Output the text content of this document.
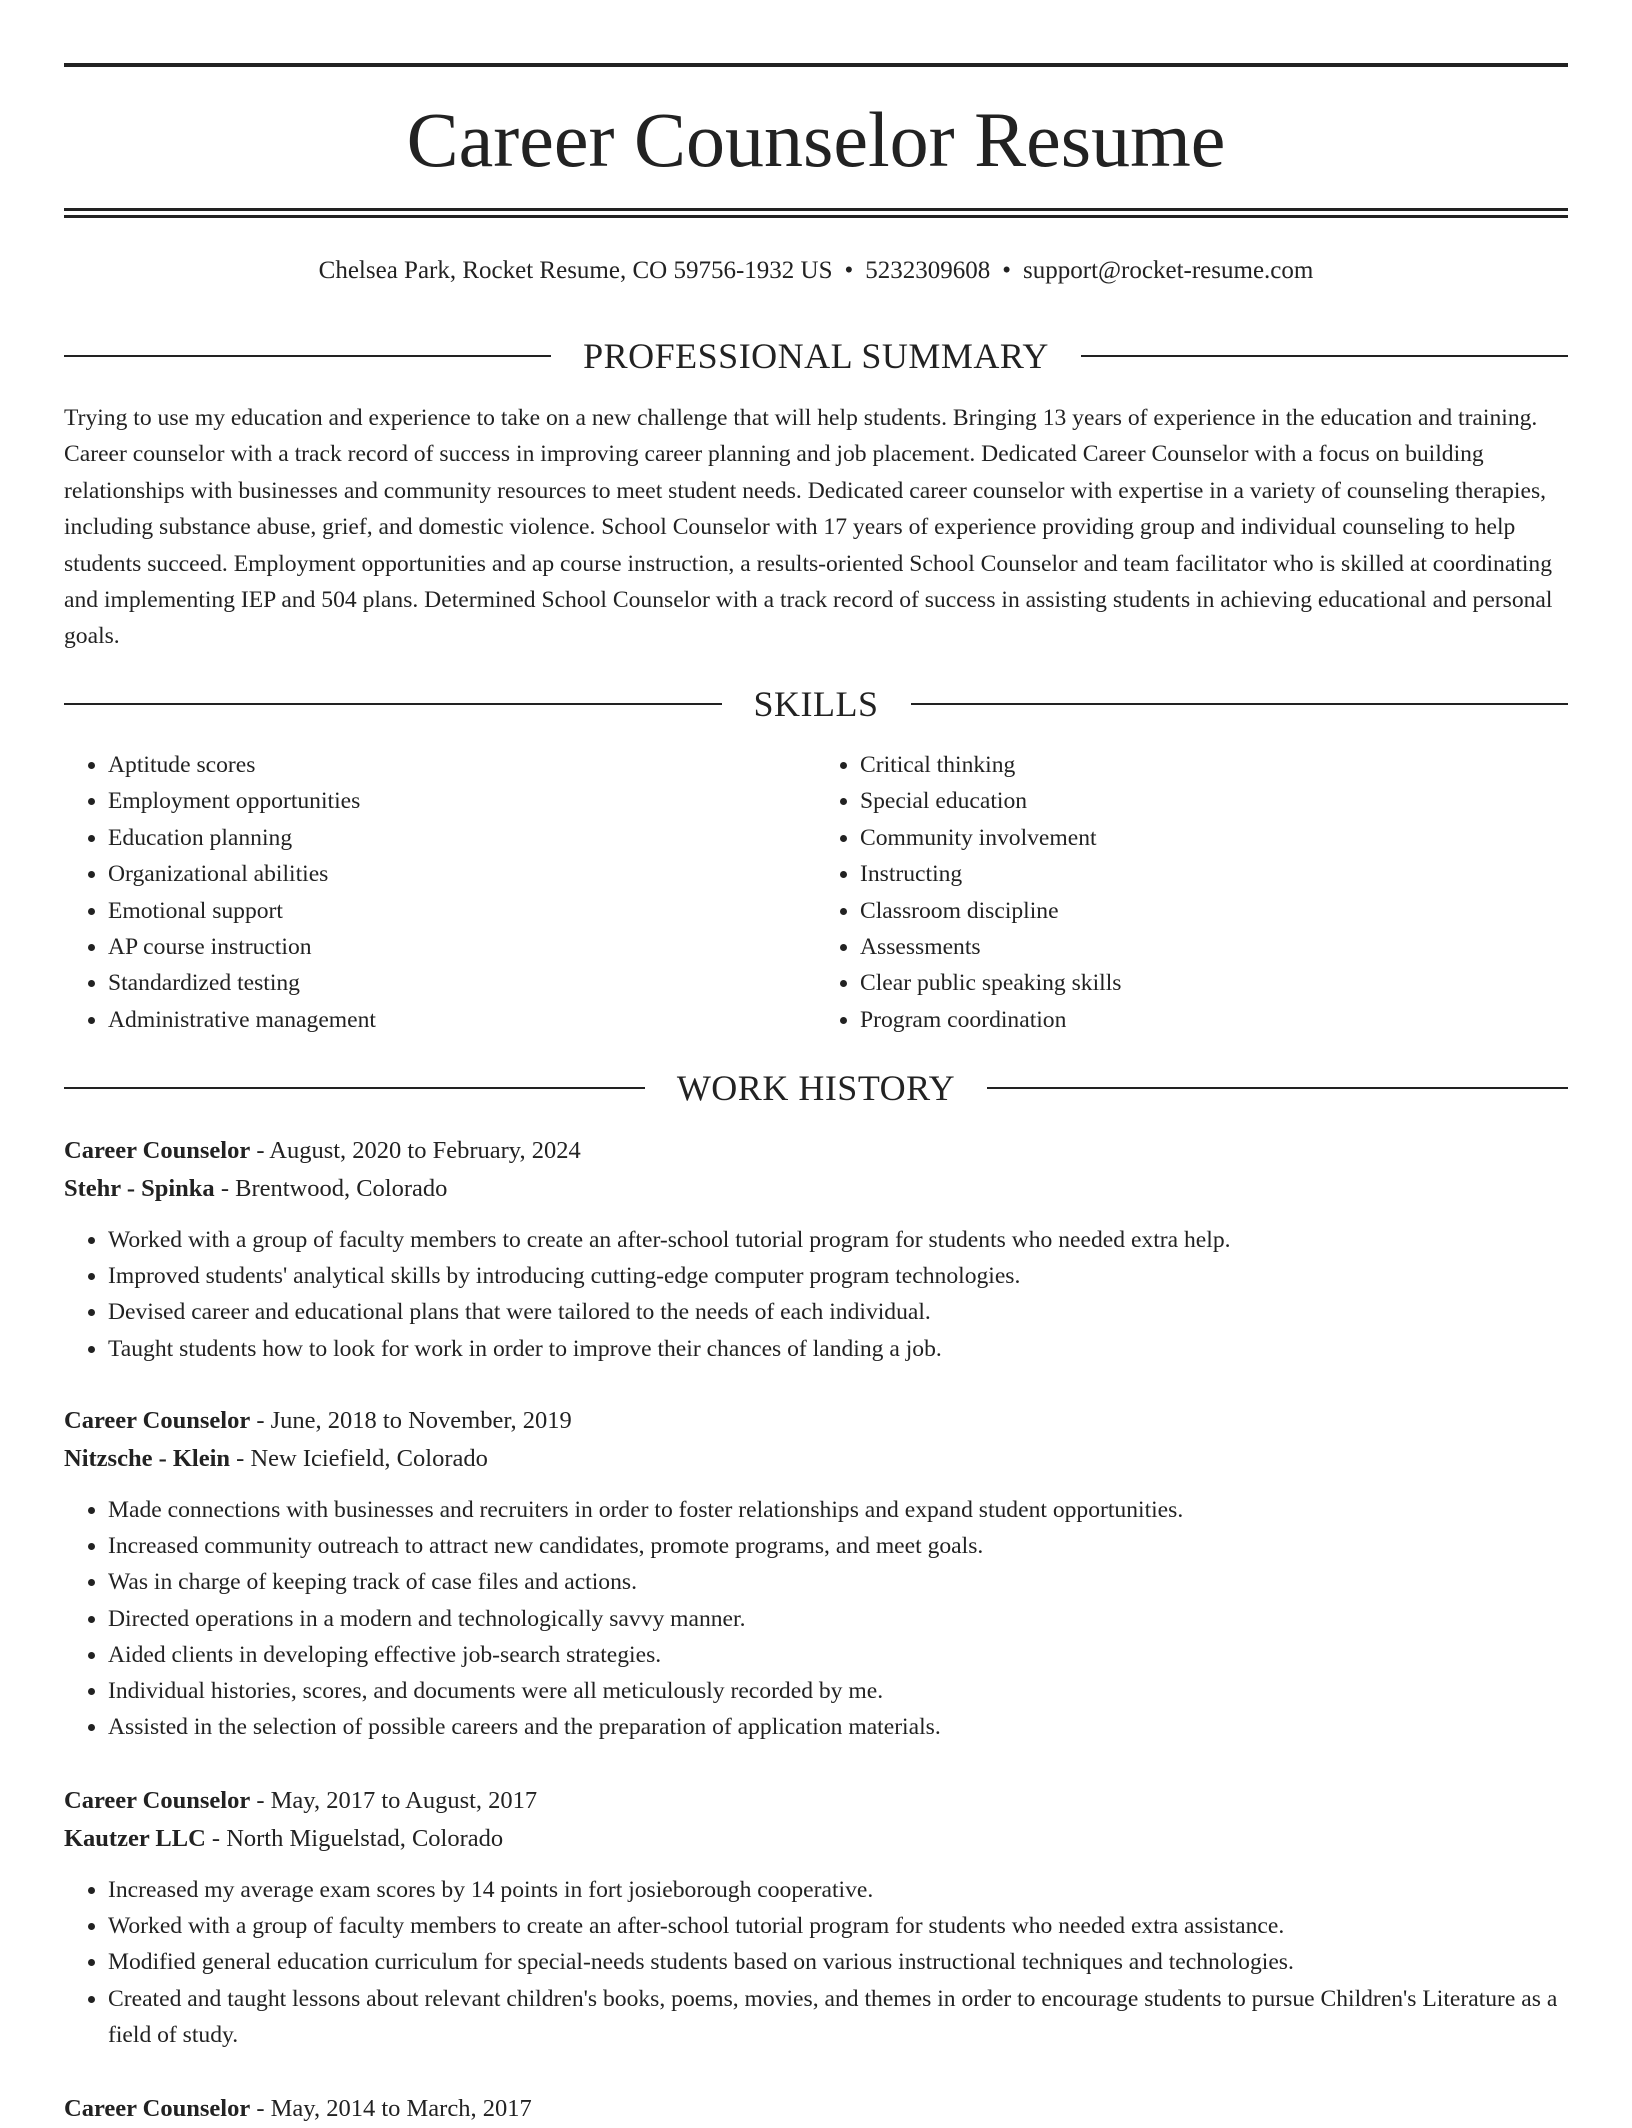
Career Counselor Resume
Chelsea Park, Rocket Resume, CO 59756-1932 US • 5232309608 • support@rocket-resume.com
PROFESSIONAL SUMMARY

Trying to use my education and experience to take on a new challenge that will help students. Bringing 13 years of experience in the education and training. Career counselor with a track record of success in improving career planning and job placement. Dedicated Career Counselor with a focus on building relationships with businesses and community resources to meet student needs. Dedicated career counselor with expertise in a variety of counseling therapies, including substance abuse, grief, and domestic violence. School Counselor with 17 years of experience providing group and individual counseling to help students succeed. Employment opportunities and ap course instruction, a results-oriented School Counselor and team facilitator who is skilled at coordinating and implementing IEP and 504 plans. Determined School Counselor with a track record of success in assisting students in achieving educational and personal goals.

SKILLS
• Aptitude scores
• Employment opportunities
• Education planning
• Organizational abilities
• Emotional support
• AP course instruction
• Standardized testing
• Administrative management
• Critical thinking
• Special education
• Community involvement
• Instructing
• Classroom discipline
• Assessments
• Clear public speaking skills
• Program coordination
WORK HISTORY
Career Counselor - August, 2020 to February, 2024
Stehr - Spinka - Brentwood, Colorado
• Worked with a group of faculty members to create an after-school tutorial program for students who needed extra help.
• Improved students' analytical skills by introducing cutting-edge computer program technologies.
• Devised career and educational plans that were tailored to the needs of each individual.
• Taught students how to look for work in order to improve their chances of landing a job.
Career Counselor - June, 2018 to November, 2019
Nitzsche - Klein - New Iciefield, Colorado
• Made connections with businesses and recruiters in order to foster relationships and expand student opportunities.
• Increased community outreach to attract new candidates, promote programs, and meet goals.
• Was in charge of keeping track of case files and actions.
• Directed operations in a modern and technologically savvy manner.
• Aided clients in developing effective job-search strategies.
• Individual histories, scores, and documents were all meticulously recorded by me.
• Assisted in the selection of possible careers and the preparation of application materials.
Career Counselor - May, 2017 to August, 2017
Kautzer LLC - North Miguelstad, Colorado
• Increased my average exam scores by 14 points in fort josieborough cooperative.
• Worked with a group of faculty members to create an after-school tutorial program for students who needed extra assistance.
• Modified general education curriculum for special-needs students based on various instructional techniques and technologies.
• Created and taught lessons about relevant children's books, poems, movies, and themes in order to encourage students to pursue Children's Literature as a field of study.
Career Counselor - May, 2014 to March, 2017
